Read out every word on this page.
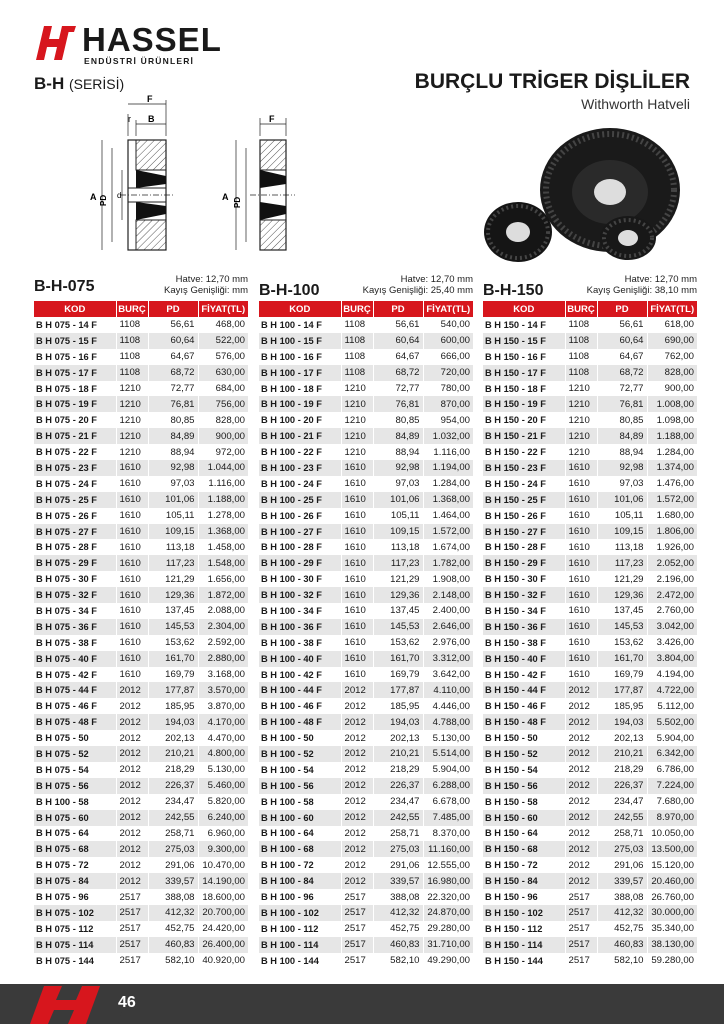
HASSEL
ENDÜSTRİ ÜRÜNLERİ
B-H (SERİSİ)	BURÇLU TRİGER DİŞLİLER
Withworth Hatveli
F
B
r
A PD d
F
A PD
B-H-075	Hatve: 12,70 mm
Kayış Genişliği: mm
KOD	BURÇ	PD	FİYAT(TL)
B H 075 - 14 F	1108	56,61	468,00
B H 075 - 15 F	1108	60,64	522,00
B H 075 - 16 F	1108	64,67	576,00
B H 075 - 17 F	1108	68,72	630,00
B H 075 - 18 F	1210	72,77	684,00
B H 075 - 19 F	1210	76,81	756,00
B H 075 - 20 F	1210	80,85	828,00
B H 075 - 21 F	1210	84,89	900,00
B H 075 - 22 F	1210	88,94	972,00
B H 075 - 23 F	1610	92,98	1.044,00
B H 075 - 24 F	1610	97,03	1.116,00
B H 075 - 25 F	1610	101,06	1.188,00
B H 075 - 26 F	1610	105,11	1.278,00
B H 075 - 27 F	1610	109,15	1.368,00
B H 075 - 28 F	1610	113,18	1.458,00
B H 075 - 29 F	1610	117,23	1.548,00
B H 075 - 30 F	1610	121,29	1.656,00
B H 075 - 32 F	1610	129,36	1.872,00
B H 075 - 34 F	1610	137,45	2.088,00
B H 075 - 36 F	1610	145,53	2.304,00
B H 075 - 38 F	1610	153,62	2.592,00
B H 075 - 40 F	1610	161,70	2.880,00
B H 075 - 42 F	1610	169,79	3.168,00
B H 075 - 44 F	2012	177,87	3.570,00
B H 075 - 46 F	2012	185,95	3.870,00
B H 075 - 48 F	2012	194,03	4.170,00
B H 075 - 50	2012	202,13	4.470,00
B H 075 - 52	2012	210,21	4.800,00
B H 075 - 54	2012	218,29	5.130,00
B H 075 - 56	2012	226,37	5.460,00
B H 100 - 58	2012	234,47	5.820,00
B H 075 - 60	2012	242,55	6.240,00
B H 075 - 64	2012	258,71	6.960,00
B H 075 - 68	2012	275,03	9.300,00
B H 075 - 72	2012	291,06	10.470,00
B H 075 - 84	2012	339,57	14.190,00
B H 075 - 96	2517	388,08	18.600,00
B H 075 - 102	2517	412,32	20.700,00
B H 075 - 112	2517	452,75	24.420,00
B H 075 - 114	2517	460,83	26.400,00
B H 075 - 144	2517	582,10	40.920,00
B-H-100
Hatve: 12,70 mm
Kayış Genişliği: 25,40 mm
KOD	BURÇ	PD	FİYAT(TL)
B H 100 - 14 F	1108	56,61	540,00
B H 100 - 15 F	1108	60,64	600,00
B H 100 - 16 F	1108	64,67	666,00
B H 100 - 17 F	1108	68,72	720,00
B H 100 - 18 F	1210	72,77	780,00
B H 100 - 19 F	1210	76,81	870,00
B H 100 - 20 F	1210	80,85	954,00
B H 100 - 21 F	1210	84,89	1.032,00
B H 100 - 22 F	1210	88,94	1.116,00
B H 100 - 23 F	1610	92,98	1.194,00
B H 100 - 24 F	1610	97,03	1.284,00
B H 100 - 25 F	1610	101,06	1.368,00
B H 100 - 26 F	1610	105,11	1.464,00
B H 100 - 27 F	1610	109,15	1.572,00
B H 100 - 28 F	1610	113,18	1.674,00
B H 100 - 29 F	1610	117,23	1.782,00
B H 100 - 30 F	1610	121,29	1.908,00
B H 100 - 32 F	1610	129,36	2.148,00
B H 100 - 34 F	1610	137,45	2.400,00
B H 100 - 36 F	1610	145,53	2.646,00
B H 100 - 38 F	1610	153,62	2.976,00
B H 100 - 40 F	1610	161,70	3.312,00
B H 100 - 42 F	1610	169,79	3.642,00
B H 100 - 44 F	2012	177,87	4.110,00
B H 100 - 46 F	2012	185,95	4.446,00
B H 100 - 48 F	2012	194,03	4.788,00
B H 100 - 50	2012	202,13	5.130,00
B H 100 - 52	2012	210,21	5.514,00
B H 100 - 54	2012	218,29	5.904,00
B H 100 - 56	2012	226,37	6.288,00
B H 100 - 58	2012	234,47	6.678,00
B H 100 - 60	2012	242,55	7.485,00
B H 100 - 64	2012	258,71	8.370,00
B H 100 - 68	2012	275,03	11.160,00
B H 100 - 72	2012	291,06	12.555,00
B H 100 - 84	2012	339,57	16.980,00
B H 100 - 96	2517	388,08	22.320,00
B H 100 - 102	2517	412,32	24.870,00
B H 100 - 112	2517	452,75	29.280,00
B H 100 - 114	2517	460,83	31.710,00
B H 100 - 144	2517	582,10	49.290,00
B-H-150
Hatve: 12,70 mm
Kayış Genişliği: 38,10 mm
KOD	BURÇ	PD	FİYAT(TL)
B H 150 - 14 F	1108	56,61	618,00
B H 150 - 15 F	1108	60,64	690,00
B H 150 - 16 F	1108	64,67	762,00
B H 150 - 17 F	1108	68,72	828,00
B H 150 - 18 F	1210	72,77	900,00
B H 150 - 19 F	1210	76,81	1.008,00
B H 150 - 20 F	1210	80,85	1.098,00
B H 150 - 21 F	1210	84,89	1.188,00
B H 150 - 22 F	1210	88,94	1.284,00
B H 150 - 23 F	1610	92,98	1.374,00
B H 150 - 24 F	1610	97,03	1.476,00
B H 150 - 25 F	1610	101,06	1.572,00
B H 150 - 26 F	1610	105,11	1.680,00
B H 150 - 27 F	1610	109,15	1.806,00
B H 150 - 28 F	1610	113,18	1.926,00
B H 150 - 29 F	1610	117,23	2.052,00
B H 150 - 30 F	1610	121,29	2.196,00
B H 150 - 32 F	1610	129,36	2.472,00
B H 150 - 34 F	1610	137,45	2.760,00
B H 150 - 36 F	1610	145,53	3.042,00
B H 150 - 38 F	1610	153,62	3.426,00
B H 150 - 40 F	1610	161,70	3.804,00
B H 150 - 42 F	1610	169,79	4.194,00
B H 150 - 44 F	2012	177,87	4.722,00
B H 150 - 46 F	2012	185,95	5.112,00
B H 150 - 48 F	2012	194,03	5.502,00
B H 150 - 50	2012	202,13	5.904,00
B H 150 - 52	2012	210,21	6.342,00
B H 150 - 54	2012	218,29	6.786,00
B H 150 - 56	2012	226,37	7.224,00
B H 150 - 58	2012	234,47	7.680,00
B H 150 - 60	2012	242,55	8.970,00
B H 150 - 64	2012	258,71	10.050,00
B H 150 - 68	2012	275,03	13.500,00
B H 150 - 72	2012	291,06	15.120,00
B H 150 - 84	2012	339,57	20.460,00
B H 150 - 96	2517	388,08	26.760,00
B H 150 - 102	2517	412,32	30.000,00
B H 150 - 112	2517	452,75	35.340,00
B H 150 - 114	2517	460,83	38.130,00
B H 150 - 144	2517	582,10	59.280,00
46
